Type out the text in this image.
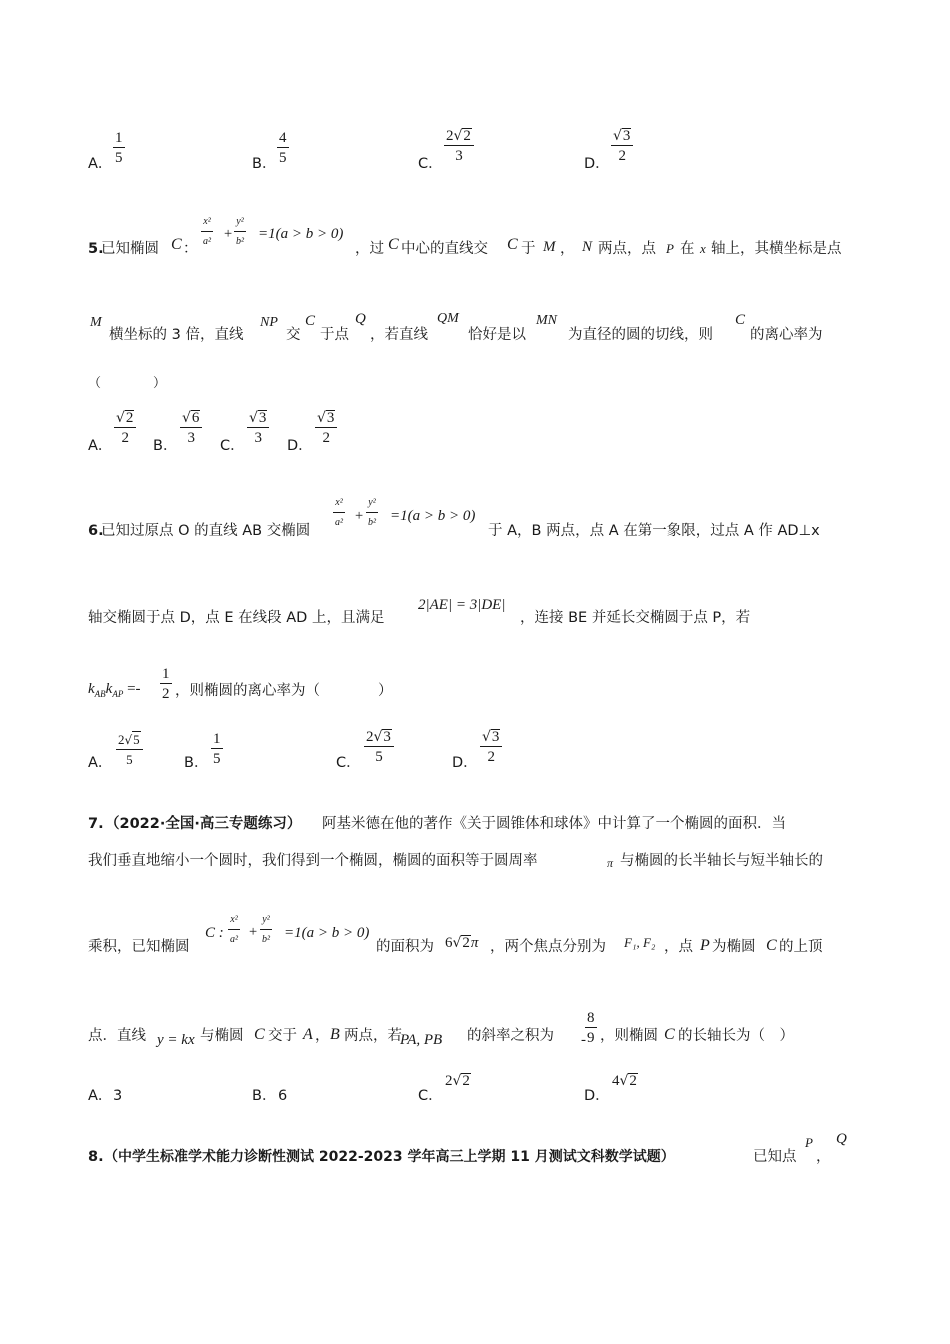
A． $\frac{1}{5}$	B． $\frac{4}{5}$	C． $\frac{2√2}{3}$	D． $\frac{√3}{2}$
5.
已知椭圆 C ： $\frac{\text{x²}}{\text{a²}} + \frac{\text{y²}}{\text{b²}} =1(a > b > 0)$
，过 C 中心的直线交 C 于 M ， N 两点，点 P 在 x 轴上，其横坐标是点
M
横坐标的 3 倍，直线
NP
交
C
于点
Q
，若直线
QM
恰好是以
MN
为直径的圆的切线，则
C
的离心率为
（　　　　）
A． $\frac{√2}{2}$ B． $\frac{√6}{3}$ C． $\frac{√3}{3}$ D． $\frac{√3}{2}$
6.
已知过原点 O 的直线 AB 交椭圆 $\frac{\text{x²}}{\text{a²}} + \frac{\text{y²}}{\text{b²}} =1(a > b > 0)$
于 A，B 两点，点 A 在第一象限，过点 A 作 AD⊥x
轴交椭圆于点 D，点 E 在线段 AD 上，且满足
2|AE| = 3|DE|
，连接 BE 并延长交椭圆于点 P，若
$k_{AB}k_{AP} =- \frac{1}{2}$ ，则椭圆的离心率为（　　　　）
A． $\frac{2√5}{5}$	B． $\frac{1}{5}$	C． $\frac{2√3}{5}$	D． $\frac{√3}{2}$
7. （2022·全国·高三专题练习） 阿基米德在他的著作《关于圆锥体和球体》中计算了一个椭圆的面积．当
我们垂直地缩小一个圆时，我们得到一个椭圆，椭圆的面积等于圆周率	π 与椭圆的长半轴长与短半轴长的
乘积，已知椭圆
C : $\frac{\text{x²}}{\text{a²}} + \frac{\text{y²}}{\text{b²}} =1(a > b > 0)$
的面积为 6√2π ，两个焦点分别为 F₁, F₂ ，点 P 为椭圆 C 的上顶
点．直线 y = kx 与椭圆 C 交于 A ， B 两点，若
PA, PB 的斜率之积为 - $\frac{8}{9}$ ，则椭圆 C 的长轴长为（　）
A． 3	B． 6	C．
2√2
D．
4√2
8. （中学生标准学术能力诊断性测试 2022-2023 学年高三上学期 11 月测试文科数学试题）	已知点
P
，
Q
